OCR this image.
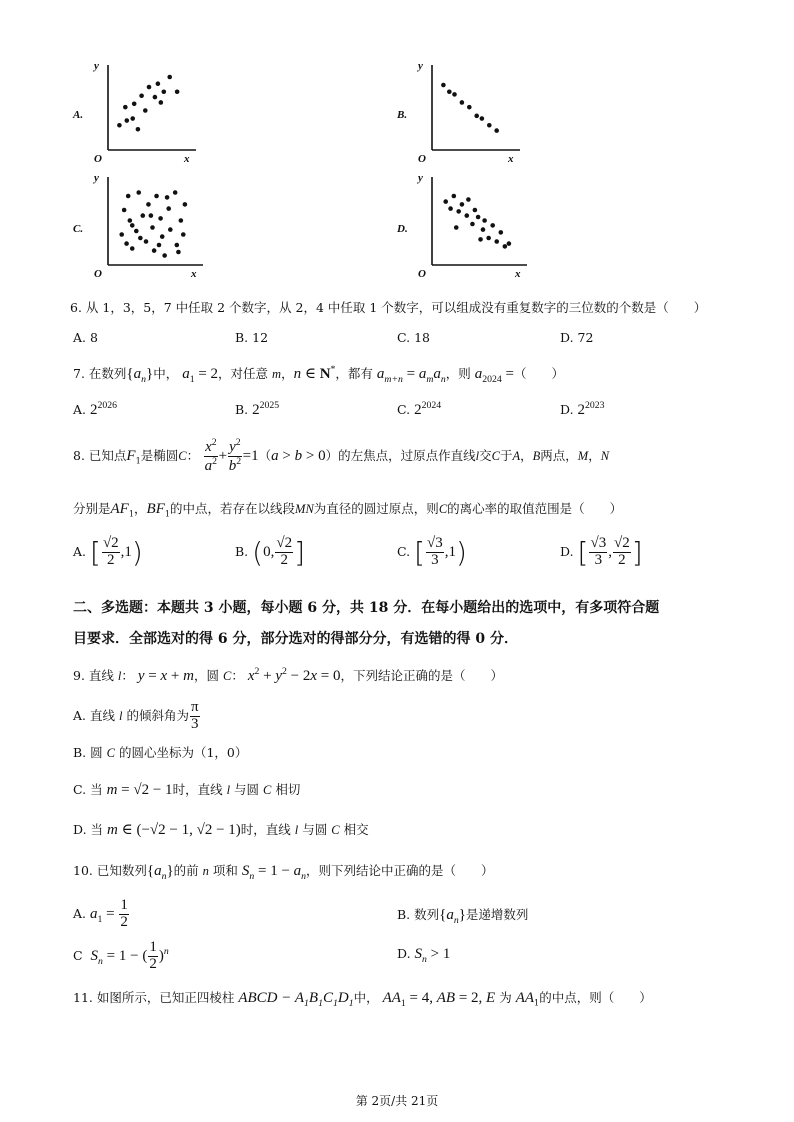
A.
y
O	x
B.
y
O	x
C.
y
O	x
D.
y
O	x
6. 从 1，3，5，7 中任取 2 个数字，从 2，4 中任取 1 个数字，可以组成没有重复数字的三位数的个数是（　　）
A. 8	B. 12	C. 18	D. 72
7. 在数列$\{a_n\}$中， $a_1 = 2$，对任意 m，n ∈ N*，都有 $a_{m+n} = a_ma_n$，则 $a_{2024}$ =（　　）
A. $2^{2026}$	B. $2^{2025}$	C. $2^{2024}$	D. $2^{2023}$
8. 已知点$F_1$是椭圆C： $\frac{x^2}{a^2} + \frac{y^2}{b^2} =1(a > b > 0)$的左焦点，过原点作直线l交C于A，B两点，M，N
分别是$AF_1$，$BF_1$的中点，若存在以线段MN为直径的圆过原点，则C的离心率的取值范围是（　　）
A. [ $\frac{√2}{2} ,1$)	B. (0, $\frac{√2}{2}$ ]	C. [ $\frac{√3}{3} ,1$)	D. [ $\frac{√3}{3}$ , $\frac{√2}{2}$ ]
二、多选题：本题共 3 小题，每小题 6 分，共 18 分．在每小题给出的选项中，有多项符合题
目要求．全部选对的得 6 分，部分选对的得部分分，有选错的得 0 分．
9. 直线 l： y = x + m，圆 C： $x^2 + y^2 - 2x = 0$，下列结论正确的是（　　）
A. 直线 l 的倾斜角为 $\frac{\pi}{3}$
B. 圆 C 的圆心坐标为（1，0）
C. 当 m = √2 − 1时，直线 l 与圆 C 相切
D. 当 m ∈ (−√2 − 1, √2 − 1)时，直线 l 与圆 C 相交
10. 已知数列$\{a_n\}$的前 n 项和 $S_n = 1 - a_n$，则下列结论中正确的是（　　）
A. $a_1 = \frac{1}{2}$	B. 数列$\{a_n\}$是递增数列
C $S_n = 1$ − ( $\frac{1}{2} )^n$	D. $S_n > 1$
11. 如图所示，已知正四棱柱 ABCD − $A_1B_1C_1D_1$中， $AA_1 = 4$, AB = 2, E 为 $AA_1$的中点，则（　　）
第 2页/共 21页
